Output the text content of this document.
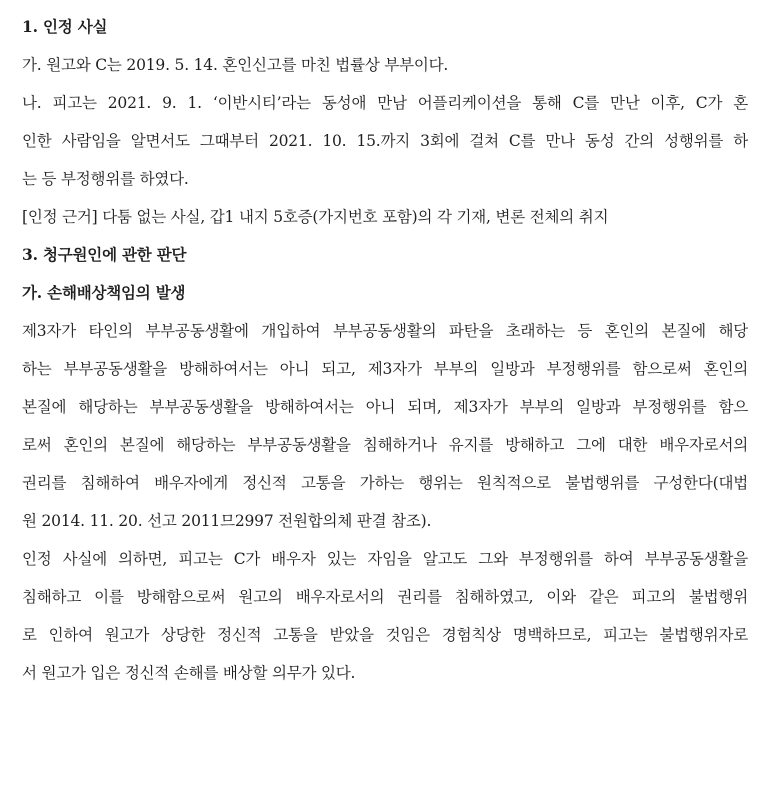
1. 인정 사실
가. 원고와 C는 2019. 5. 14. 혼인신고를 마친 법률상 부부이다.
나. 피고는 2021. 9. 1. ‘이반시티’라는 동성애 만남 어플리케이션을 통해 C를 만난 이후, C가 혼
인한 사람임을 알면서도 그때부터 2021. 10. 15.까지 3회에 걸쳐 C를 만나 동성 간의 성행위를 하
는 등 부정행위를 하였다.
[인정 근거] 다툼 없는 사실, 갑1 내지 5호증(가지번호 포함)의 각 기재, 변론 전체의 취지
3. 청구원인에 관한 판단
가. 손해배상책임의 발생
제3자가 타인의 부부공동생활에 개입하여 부부공동생활의 파탄을 초래하는 등 혼인의 본질에 해당
하는 부부공동생활을 방해하여서는 아니 되고, 제3자가 부부의 일방과 부정행위를 함으로써 혼인의
본질에 해당하는 부부공동생활을 방해하여서는 아니 되며, 제3자가 부부의 일방과 부정행위를 함으
로써 혼인의 본질에 해당하는 부부공동생활을 침해하거나 유지를 방해하고 그에 대한 배우자로서의
권리를 침해하여 배우자에게 정신적 고통을 가하는 행위는 원칙적으로 불법행위를 구성한다(대법
원 2014. 11. 20. 선고 2011므2997 전원합의체 판결 참조).
인정 사실에 의하면, 피고는 C가 배우자 있는 자임을 알고도 그와 부정행위를 하여 부부공동생활을
침해하고 이를 방해함으로써 원고의 배우자로서의 권리를 침해하였고, 이와 같은 피고의 불법행위
로 인하여 원고가 상당한 정신적 고통을 받았을 것임은 경험칙상 명백하므로, 피고는 불법행위자로
서 원고가 입은 정신적 손해를 배상할 의무가 있다.
